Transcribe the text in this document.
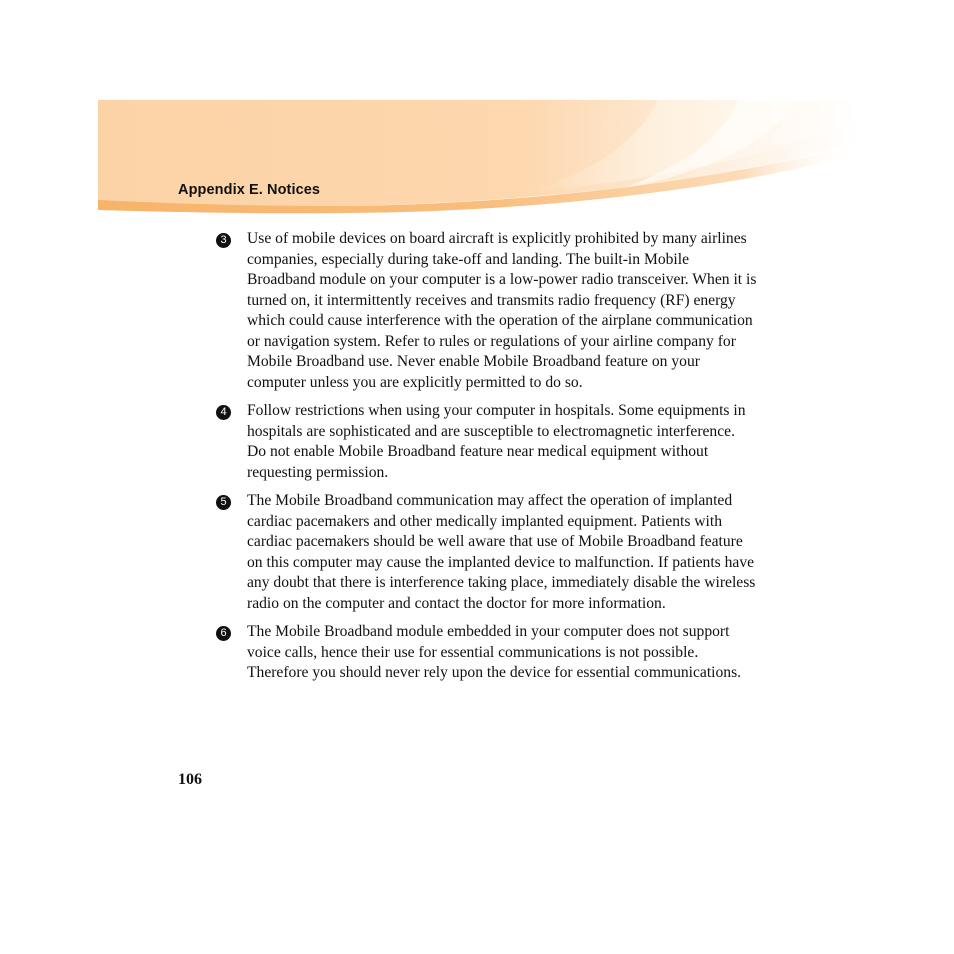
Appendix E. Notices
3 Use of mobile devices on board aircraft is explicitly prohibited by many airlines companies, especially during take-off and landing. The built-in Mobile Broadband module on your computer is a low-power radio transceiver. When it is turned on, it intermittently receives and transmits radio frequency (RF) energy which could cause interference with the operation of the airplane communication or navigation system. Refer to rules or regulations of your airline company for Mobile Broadband use. Never enable Mobile Broadband feature on your computer unless you are explicitly permitted to do so.

4 Follow restrictions when using your computer in hospitals. Some equipments in hospitals are sophisticated and are susceptible to electromagnetic interference. Do not enable Mobile Broadband feature near medical equipment without requesting permission.

5 The Mobile Broadband communication may affect the operation of implanted cardiac pacemakers and other medically implanted equipment. Patients with cardiac pacemakers should be well aware that use of Mobile Broadband feature on this computer may cause the implanted device to malfunction. If patients have any doubt that there is interference taking place, immediately disable the wireless radio on the computer and contact the doctor for more information.

6 The Mobile Broadband module embedded in your computer does not support voice calls, hence their use for essential communications is not possible. Therefore you should never rely upon the device for essential communications.

106
